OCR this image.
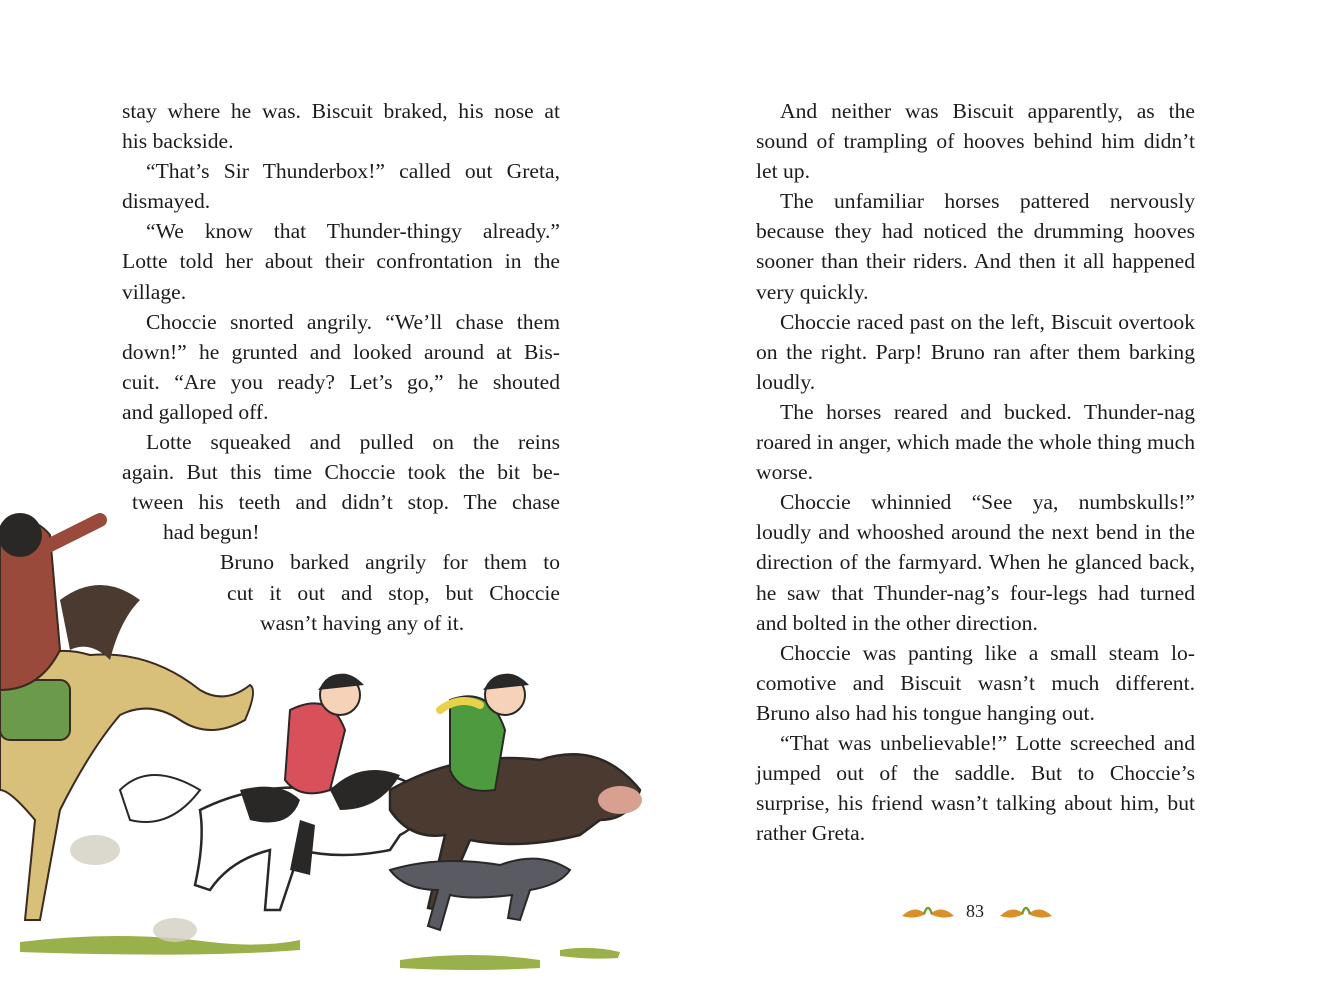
stay where he was. Biscuit braked, his nose at
his backside.
“That’s Sir Thunderbox!” called out Greta,
dismayed.
“We know that Thunder-thingy already.”
Lotte told her about their confrontation in the
village.
Choccie snorted angrily. “We’ll chase them
down!” he grunted and looked around at Bis-
cuit. “Are you ready? Let’s go,” he shouted
and galloped off.
Lotte squeaked and pulled on the reins
again. But this time Choccie took the bit be-
tween his teeth and didn’t stop. The chase
had begun!
Bruno barked angrily for them to
cut it out and stop, but Choccie
wasn’t having any of it.

And neither was Biscuit apparently, as the sound of trampling of hooves behind him didn’t let up.

The unfamiliar horses pattered nervously because they had noticed the drumming hooves sooner than their riders. And then it all happened very quickly.

Choccie raced past on the left, Biscuit overtook on the right. Parp! Bruno ran after them barking loudly.

The horses reared and bucked. Thunder-nag roared in anger, which made the whole thing much worse.

Choccie whinnied “See ya, numbskulls!” loudly and whooshed around the next bend in the direction of the farmyard. When he glanced back, he saw that Thunder-nag’s four-legs had turned and bolted in the other direction.

Choccie was panting like a small steam locomotive and Biscuit wasn’t much different. Bruno also had his tongue hanging out.

“That was unbelievable!” Lotte screeched and jumped out of the saddle. But to Choccie’s surprise, his friend wasn’t talking about him, but rather Greta.

83
